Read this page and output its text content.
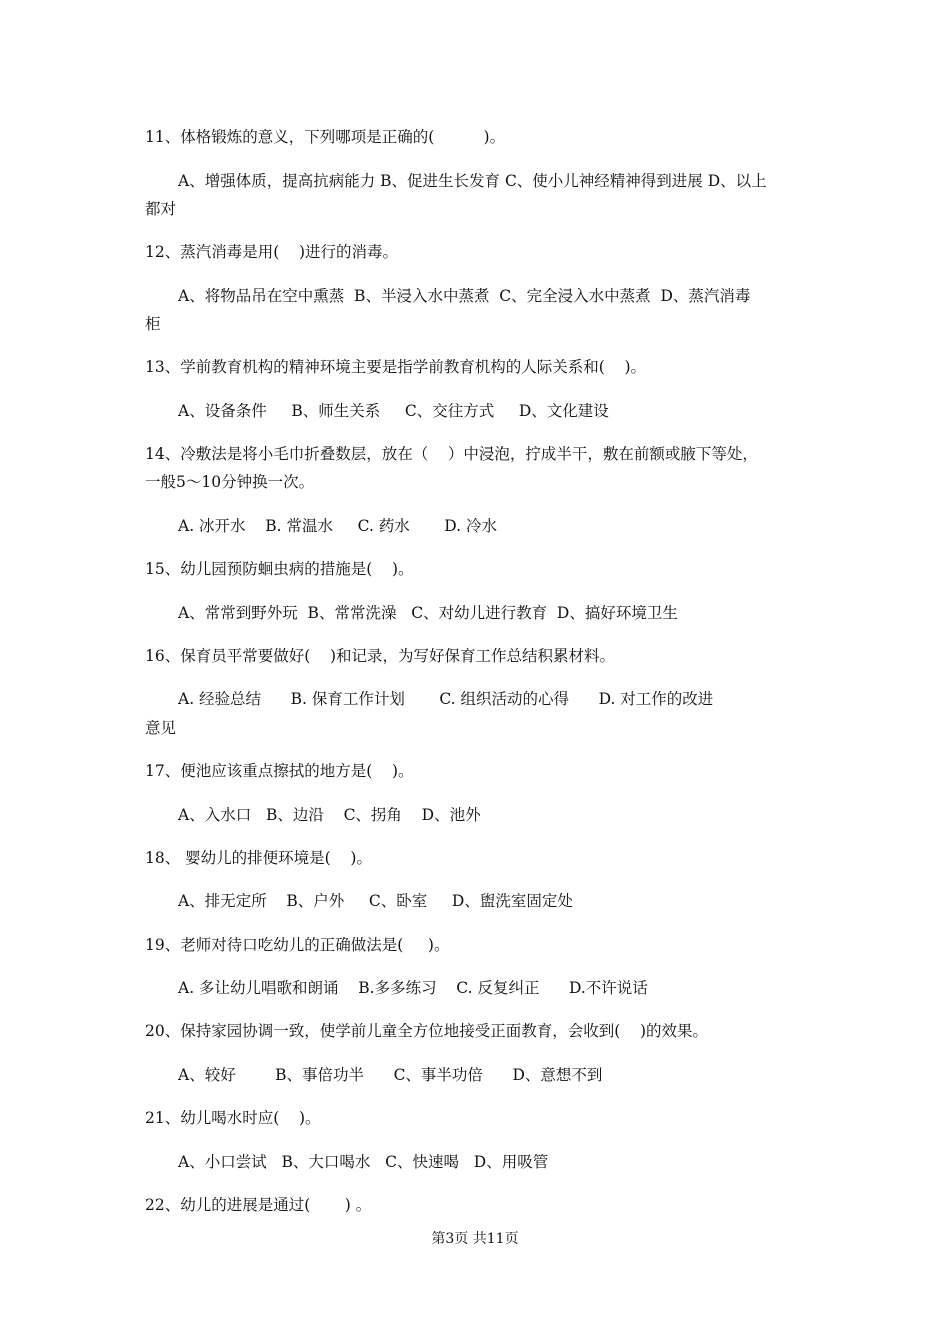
11、体格锻炼的意义，下列哪项是正确的(          )。
A、增强体质，提高抗病能力 B、促进生长发育 C、使小儿神经精神得到进展 D、以上
都对
12、蒸汽消毒是用(    )进行的消毒。
A、将物品吊在空中熏蒸  B、半浸入水中蒸煮  C、完全浸入水中蒸煮  D、蒸汽消毒
柜
13、学前教育机构的精神环境主要是指学前教育机构的人际关系和(    )。
A、设备条件     B、师生关系     C、交往方式     D、文化建设
14、冷敷法是将小毛巾折叠数层，放在（    ）中浸泡，拧成半干，敷在前额或腋下等处，
一般5～10分钟换一次。
A. 冰开水    B. 常温水     C. 药水       D. 冷水
15、幼儿园预防蛔虫病的措施是(    )。
A、常常到野外玩  B、常常洗澡   C、对幼儿进行教育  D、搞好环境卫生
16、保育员平常要做好(    )和记录，为写好保育工作总结积累材料。
A. 经验总结      B. 保育工作计划       C. 组织活动的心得      D. 对工作的改进
意见
17、便池应该重点擦拭的地方是(    )。
A、入水口   B、边沿    C、拐角    D、池外
18、 婴幼儿的排便环境是(    )。
A、排无定所    B、户外     C、卧室     D、盥洗室固定处
19、老师对待口吃幼儿的正确做法是(     )。
A. 多让幼儿唱歌和朗诵    B.多多练习    C. 反复纠正      D.不许说话
20、保持家园协调一致，使学前儿童全方位地接受正面教育，会收到(    )的效果。
A、较好        B、事倍功半      C、事半功倍      D、意想不到
21、幼儿喝水时应(    )。
A、小口尝试   B、大口喝水   C、快速喝   D、用吸管
22、幼儿的进展是通过(       ) 。
第3页 共11页
